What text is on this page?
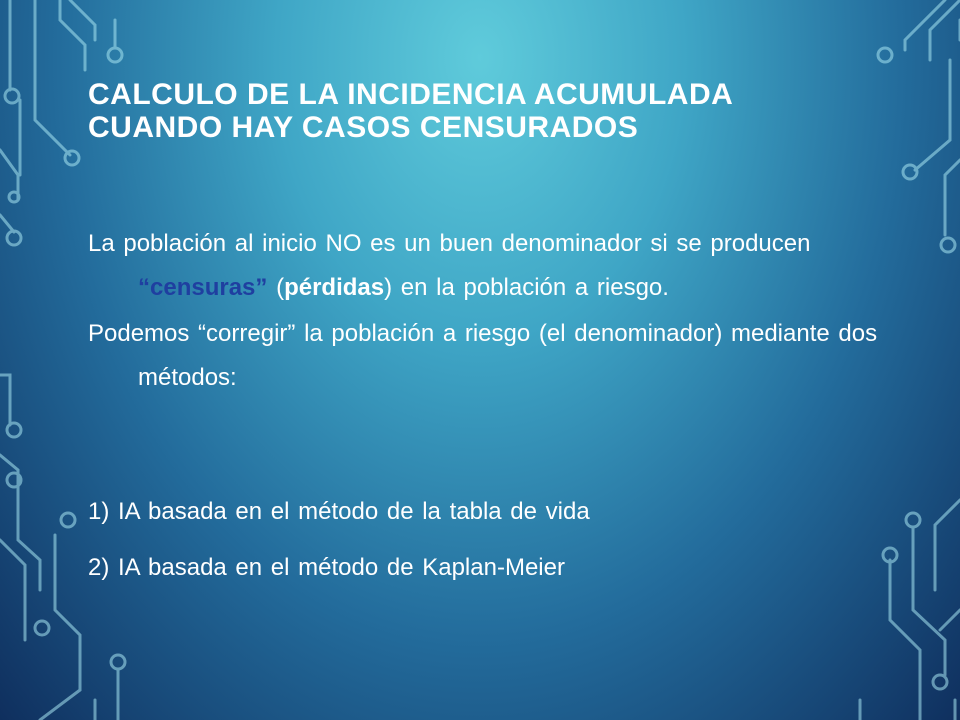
CALCULO DE LA INCIDENCIA ACUMULADA
CUANDO HAY CASOS CENSURADOS

La población al inicio NO es un buen denominador si se producen “censuras” (pérdidas) en la población a riesgo.

Podemos “corregir” la población a riesgo (el denominador) mediante dos métodos:

1) IA basada en el método de la tabla de vida

2) IA basada en el método de Kaplan-Meier
